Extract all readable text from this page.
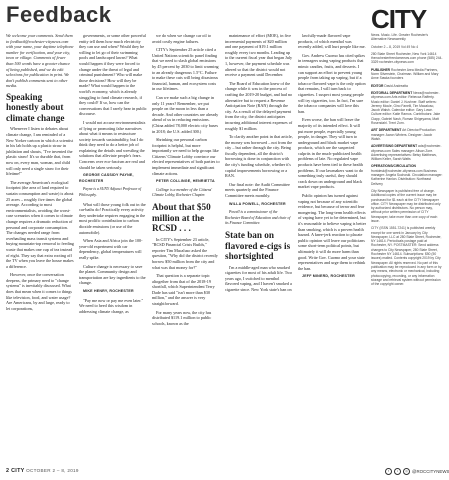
Feedback

We welcome your comments. Send them to feedback@rochester-citynews.com with your name, your daytime telephone number for verification, and your city, town or village. Comments of fewer than 500 words have a greater chance of being published, and we do edit selections for publication in print. We don't publish comments sent to other media.

Speaking honestly about climate change

Whenever I listen to debates about climate change, I am reminded of a New Yorker cartoon in which a scientist in his lab holds up a plastic straw in jubilation and shouts, "I've invented the plastic straw! It's so durable that, from now on, every man, woman, and child will only need a single straw for their lifetime!"

The average American's ecological footprint (the area of land required to sustain consumption and waste) is about 25 acres – roughly five times the global average. According to most environmentalists, avoiding the worst-case scenarios when it comes to climate change requires a dramatic reduction of personal and corporate consumption. The changes needed range from overhauling mass transit systems and buying mountain-top removal to feeding waste that makes one cup of tea instead of eight. They say that extra rooting off the TV when you leave the house makes a difference.

However, once the conversation deepens, the primary need to "change systems" is inevitably discussed. What does that mean when it comes to things like television, food, and water usage? Are Americans, by and large, ready to let corporations,

governments, or some other powerful entity tell them how much electricity they can use and when? Would they be willing to let go of their swimming pools and landscaped lawns? What would happen if they were forced to change under the threat of legal and criminal punishment? Who will make those decisions? How will they be made? What would happen to the world's economy, which is already struggling to fund climate research, if they could? If so, how can the conversations that I rarely hear in public discourse.

I would not accuse environmentalists of lying or promoting false narratives about what it means to restructure society towards sustainability, but I do think they need to do a better job of explaining the details and wrestling the solutions that alleviate people's fears. Concerns over eco-fascism are real and should be taken seriously.

GEORGE CASSIDY PAYNE, ROCHESTER

Payne is a SUNY Adjunct Professor of Philosophy.

What will those young folk out in the car-baths do! Practically every activity they undertake requires engaging in the most prolific contribution to carbon dioxide emissions (or use of the automobile).

When Asia and Africa join the 100-year-old experiment with car dependency, global temperatures will really spike.

Culture change is necessary to save the planet. Community design and transportation are key ingredients to the change.

MIKE HENRY, ROCHESTER

"Pay me now or pay me even later." We need to heed this wisdom in addressing climate change, as

we do when we change car oil to avoid costly engine failures.

CITY's September 25 article cited a United Nations scientific panel finding that we need to slash global emissions by 45 percent by 2030 to limit warming to an already dangerous 1.5°C. Failure to make these cuts will bring disastrous financial, human, and ecosystem costs in our lifetimes.

Can we make such a big change in only 11 years? Remember, we put people on the moon in less than a decade. And other countries are already ahead of us in reducing emissions. (China added 78,000 electric city buses in 2018; the U.S. added 300.)

Shrinking our personal carbon footprint is helpful, but more importantly we need to help groups like Citizens' Climate Lobby convince our elected representatives of both parties to implement immediate and significant climate actions.

PETER COLLINGE, HENRIETTA

Collinge is a member of the Citizens' Climate Lobby, Rochester Chapter.

About that $50 million at the RCSD . . .

In CITY's September 23 article, "RCSD Financial Crisis Builds," reporter Tim Macaluso asked the question, "Why did the district recently borrow $50 million from the city and what was that money for?"

That question is a separate topic altogether from that of the 2018-19 shortfall, which Superintendent Terry Dade has said "isn't more than $30 million," and the answer is very straightforward.

For many years now, the city has distributed $119.1 million to public schools, known as the

maintenance of effort (MOE), in five incremental payments of $20 million and one payment of $19.1 million roughly every two months. Leading up to the current fiscal year that began July 1, however, the payment schedule was altered so that the district would not receive a payment until December.

The Board of Education knew of the change while it was in the process of crafting the 2019-20 budget, and had no alternative but to request a Revenue Anticipation Note (RAN) through the city. As a result of the delayed payment from the city, the district anticipates incurring additional interest expenses of roughly $1 million.

To clarify another point in that article, the money was borrowed – not from the city – but rather through the city. Being fiscally dependent, all the district's borrowing is done in conjunction with the city's funding schedule, whether it's capital improvements borrowing or a RAN.

Our final note: the Audit Committee meets quarterly and the Finance Committee meets monthly.

WILLA POWELL, ROCHESTER

Powell is a commissioner of the Rochester Board of Education and chair of its Finance Committee.

State ban on flavored e-cigs is shortsighted

I'm a middle-aged man who smoked cigarettes for most of his adult life. Two years ago, I switched to menthol flavored vaping, and I haven't smoked a cigarette since. New York state's ban on

lawfully-made flavored vape products, of which menthol was recently added, will hurt people like me.

Gov. Andrew Cuomo has cited spikes in teenagers using vaping products that mimic candies, fruits, and desserts. I can support an effort to prevent young people from taking up vaping, but if a tobacco-flavored vape is the only option that remains, I will turn back to cigarettes. I suspect most young people will try cigarettes, too. In fact, I'm sure the tobacco companies will love this ban.

Even worse, the ban will leave the majority of its intended effect. It will put more people, especially young people, in danger. They will turn to underground and black market vape products, which are the suspected culprits in the much-publicized health problems of late. No regulated vape products have been tied to these health problems. If our lawmakers want to do something truly useful, they should crack down on underground and black market vape products.

Public opinion has turned against vaping not because of any scientific evidence, but because of terror and fear mongering. The long-term health effects of vaping have yet to be determined, but it's reasonable to believe vaping is better than smoking, which is a proven health hazard. A knee-jerk reaction to placate public opinion will leave our politicians some short-term political points, but ultimately it will do more harm than good. Write Gov. Cuomo and your state representatives and urge them to rethink the ban.

JEFF MINERD, ROCHESTER

CITY
News. Music. Life. Greater Rochester's Alternative Newsweekly
October 2 – 8, 2019 Vol 49 No 4
280 State Street Rochester, New York 14614 therochesterfreedomeews.com phone (585) 244-3329 rochester-citynews.com
PUBLISHER Rochester Area Media Partners, Norm Silverstein, Chairman. William and Mary Anne Sawka founders
EDITOR David Andreatta
EDITORIAL DEPARTMENT News@rochester-citynews.com Arts editor: Rebecca Rafferty. Music editor: Daniel J. Kushner. Staff writers: Jeremy Moule, Gino Fanelli, Tim Macaluso, Jacob Walsh. Calendar editor: Gary Lowe. Culture editor: Katie Ramos. Contributors: Jake Clapp, Gabriel Nash, Roman Shigeyama, Matt Rosendahl. Trent Zorn.
ART DEPARTMENT Art Director/Production manager: Aaron Winters. Designer: Jacob Walsh.
ADVERTISING DEPARTMENT ads@rochester-citynews.com Sales manager: Alison Zore. Advertising representatives: Betsy Matthews, William Keller, Sarah Watts
OPERATIONS/CIRCULATION frontdesk@rochester-citynews.com Business manager: Angela Suchoski. Circulation manager: Katherine Hanlon. Distribution: Northeast Delivery
City Newspaper is published free of charge. Additional copies of the current issue may be purchased for $1 each at the CITY Newspaper office. CITY Newspaper may be distributed only by authorized distributors. No person may, without prior written permission of CITY Newspaper, take more than one copy of each issue.
CITY (ISSN 1551-7241) is published weekly except for one week in January by City Newspaper, LLC at 280 State Street, Rochester, NY 14614. Periodicals postage paid at Rochester, NY. POSTMASTER: Send address changes to City Newspaper, 280 State Street, Rochester NY 14614. Subscriptions: $50 (50 issues) mailed. Contents copyright 2019 by City Newspaper. All rights reserved. No part of this publication may be reproduced in any form or by any means, electronic or mechanical, including photocopying, recording, or any information storage and retrieval system without permission of the copyright owner.
2 CITY OCTOBER 2 – 8, 2019	f	t	◎ @ROCCITYNEWS
